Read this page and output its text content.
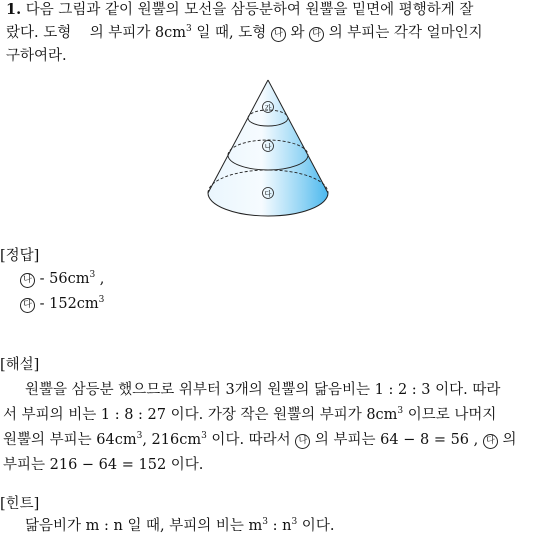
1. 다음 그림과 같이 원뿔의 모선을 삼등분하여 원뿔을 밑면에 평행하게 잘
랐다. 도형 의 부피가 $8cm^3$ 일 때, 도형 나 와 다 의 부피는 각각 얼마인지
구하여라.
가
나
다
[정답]
나 - $56cm^3$ ,
다 - $152cm^3$
[해설]
원뿔을 삼등분 했으므로 위부터 3개의 원뿔의 닮음비는 1 : 2 : 3 이다. 따라
서 부피의 비는 1 : 8 : 27 이다. 가장 작은 원뿔의 부피가 $8cm^3$ 이므로 나머지
원뿔의 부피는 $64cm^3$, $216cm^3$ 이다. 따라서 나 의 부피는 64 − 8 = 56 , 다 의
부피는 216 − 64 = 152 이다.
[힌트]
닮음비가 m : n 일 때, 부피의 비는 $m^3$ : $n^3$ 이다.
